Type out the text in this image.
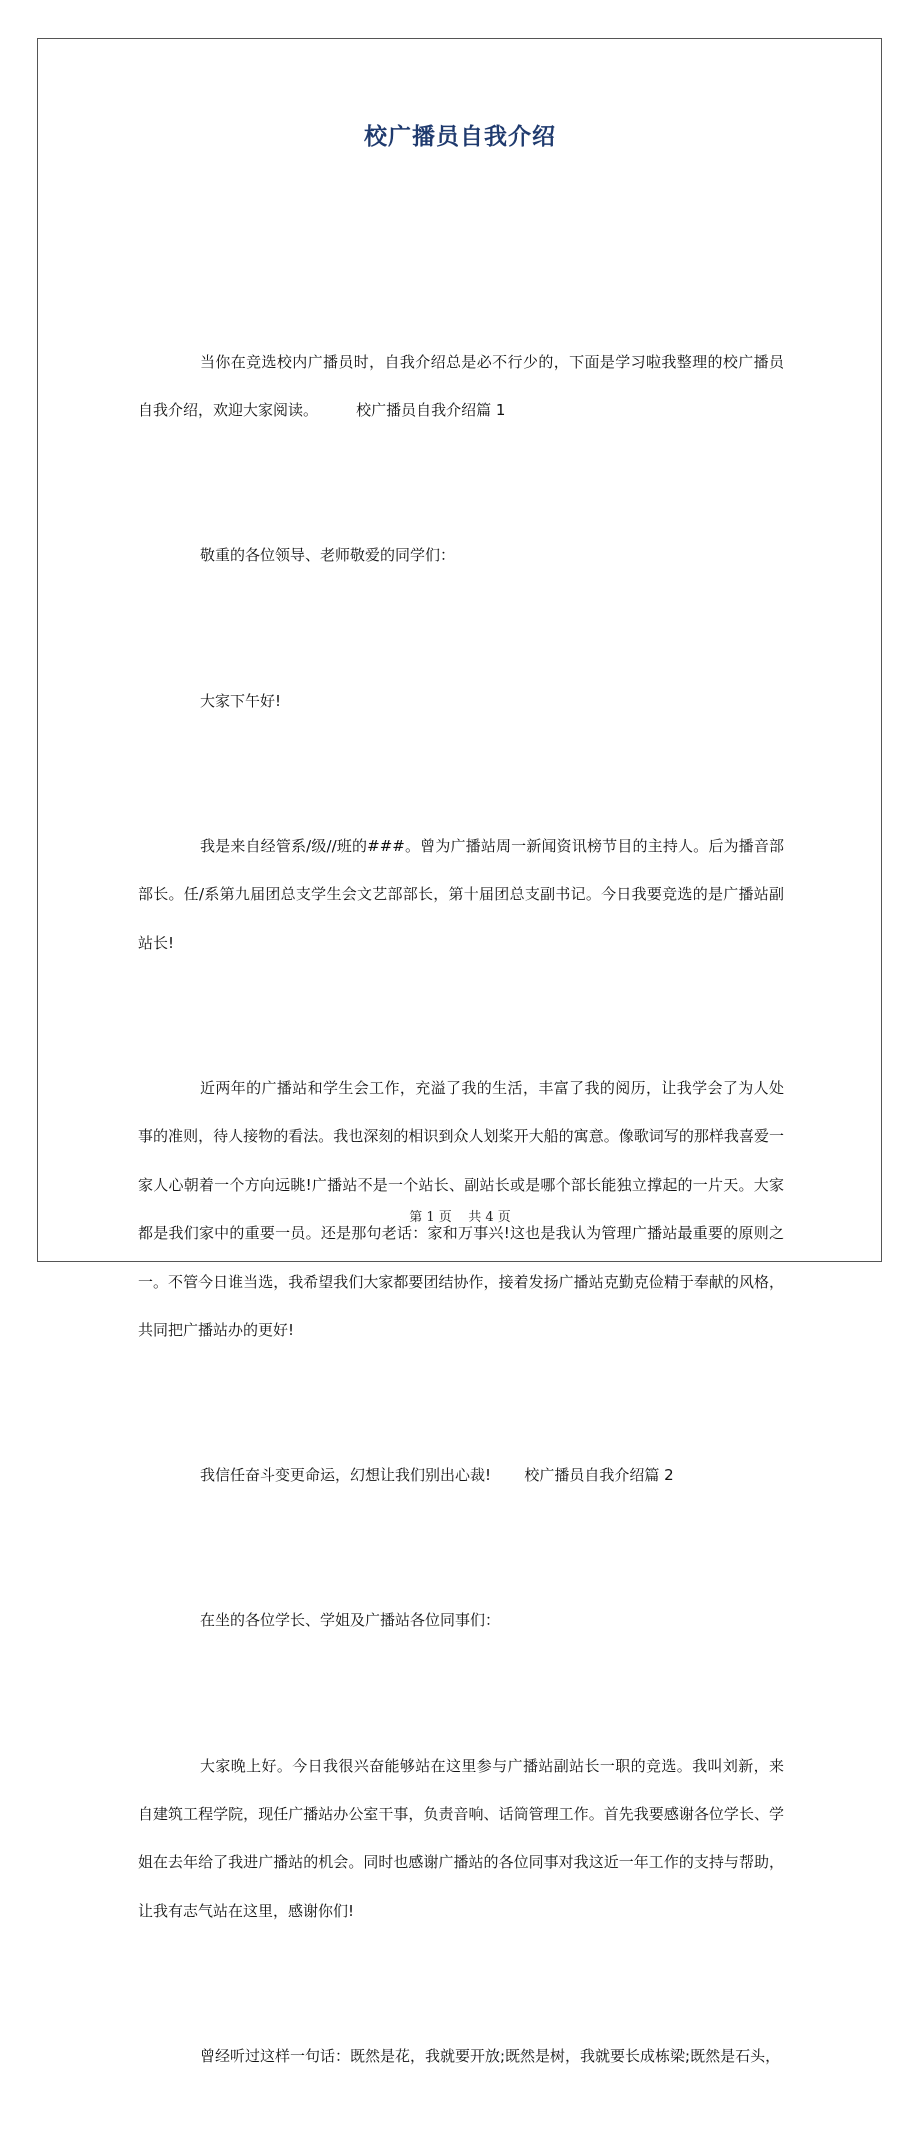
校广播员自我介绍

当你在竞选校内广播员时，自我介绍总是必不行少的，下面是学习啦我整理的校广播员自我介绍，欢迎大家阅读。        校广播员自我介绍篇 1

敬重的各位领导、老师敬爱的同学们：

大家下午好!

我是来自经管系/级//班的###。曾为广播站周一新闻资讯榜节目的主持人。后为播音部部长。任/系第九届团总支学生会文艺部部长，第十届团总支副书记。今日我要竞选的是广播站副站长!

近两年的广播站和学生会工作，充溢了我的生活，丰富了我的阅历，让我学会了为人处事的准则，待人接物的看法。我也深刻的相识到众人划桨开大船的寓意。像歌词写的那样我喜爱一家人心朝着一个方向远眺!广播站不是一个站长、副站长或是哪个部长能独立撑起的一片天。大家都是我们家中的重要一员。还是那句老话：家和万事兴!这也是我认为管理广播站最重要的原则之一。不管今日谁当选，我希望我们大家都要团结协作，接着发扬广播站克勤克俭精于奉献的风格，共同把广播站办的更好!

我信任奋斗变更命运，幻想让我们别出心裁!       校广播员自我介绍篇 2

在坐的各位学长、学姐及广播站各位同事们：

大家晚上好。今日我很兴奋能够站在这里参与广播站副站长一职的竞选。我叫刘新，来自建筑工程学院，现任广播站办公室干事，负责音响、话筒管理工作。首先我要感谢各位学长、学姐在去年给了我进广播站的机会。同时也感谢广播站的各位同事对我这近一年工作的支持与帮助，让我有志气站在这里，感谢你们!

曾经听过这样一句话：既然是花，我就要开放;既然是树，我就要长成栋梁;既然是石头，

第 1 页 共 4 页
